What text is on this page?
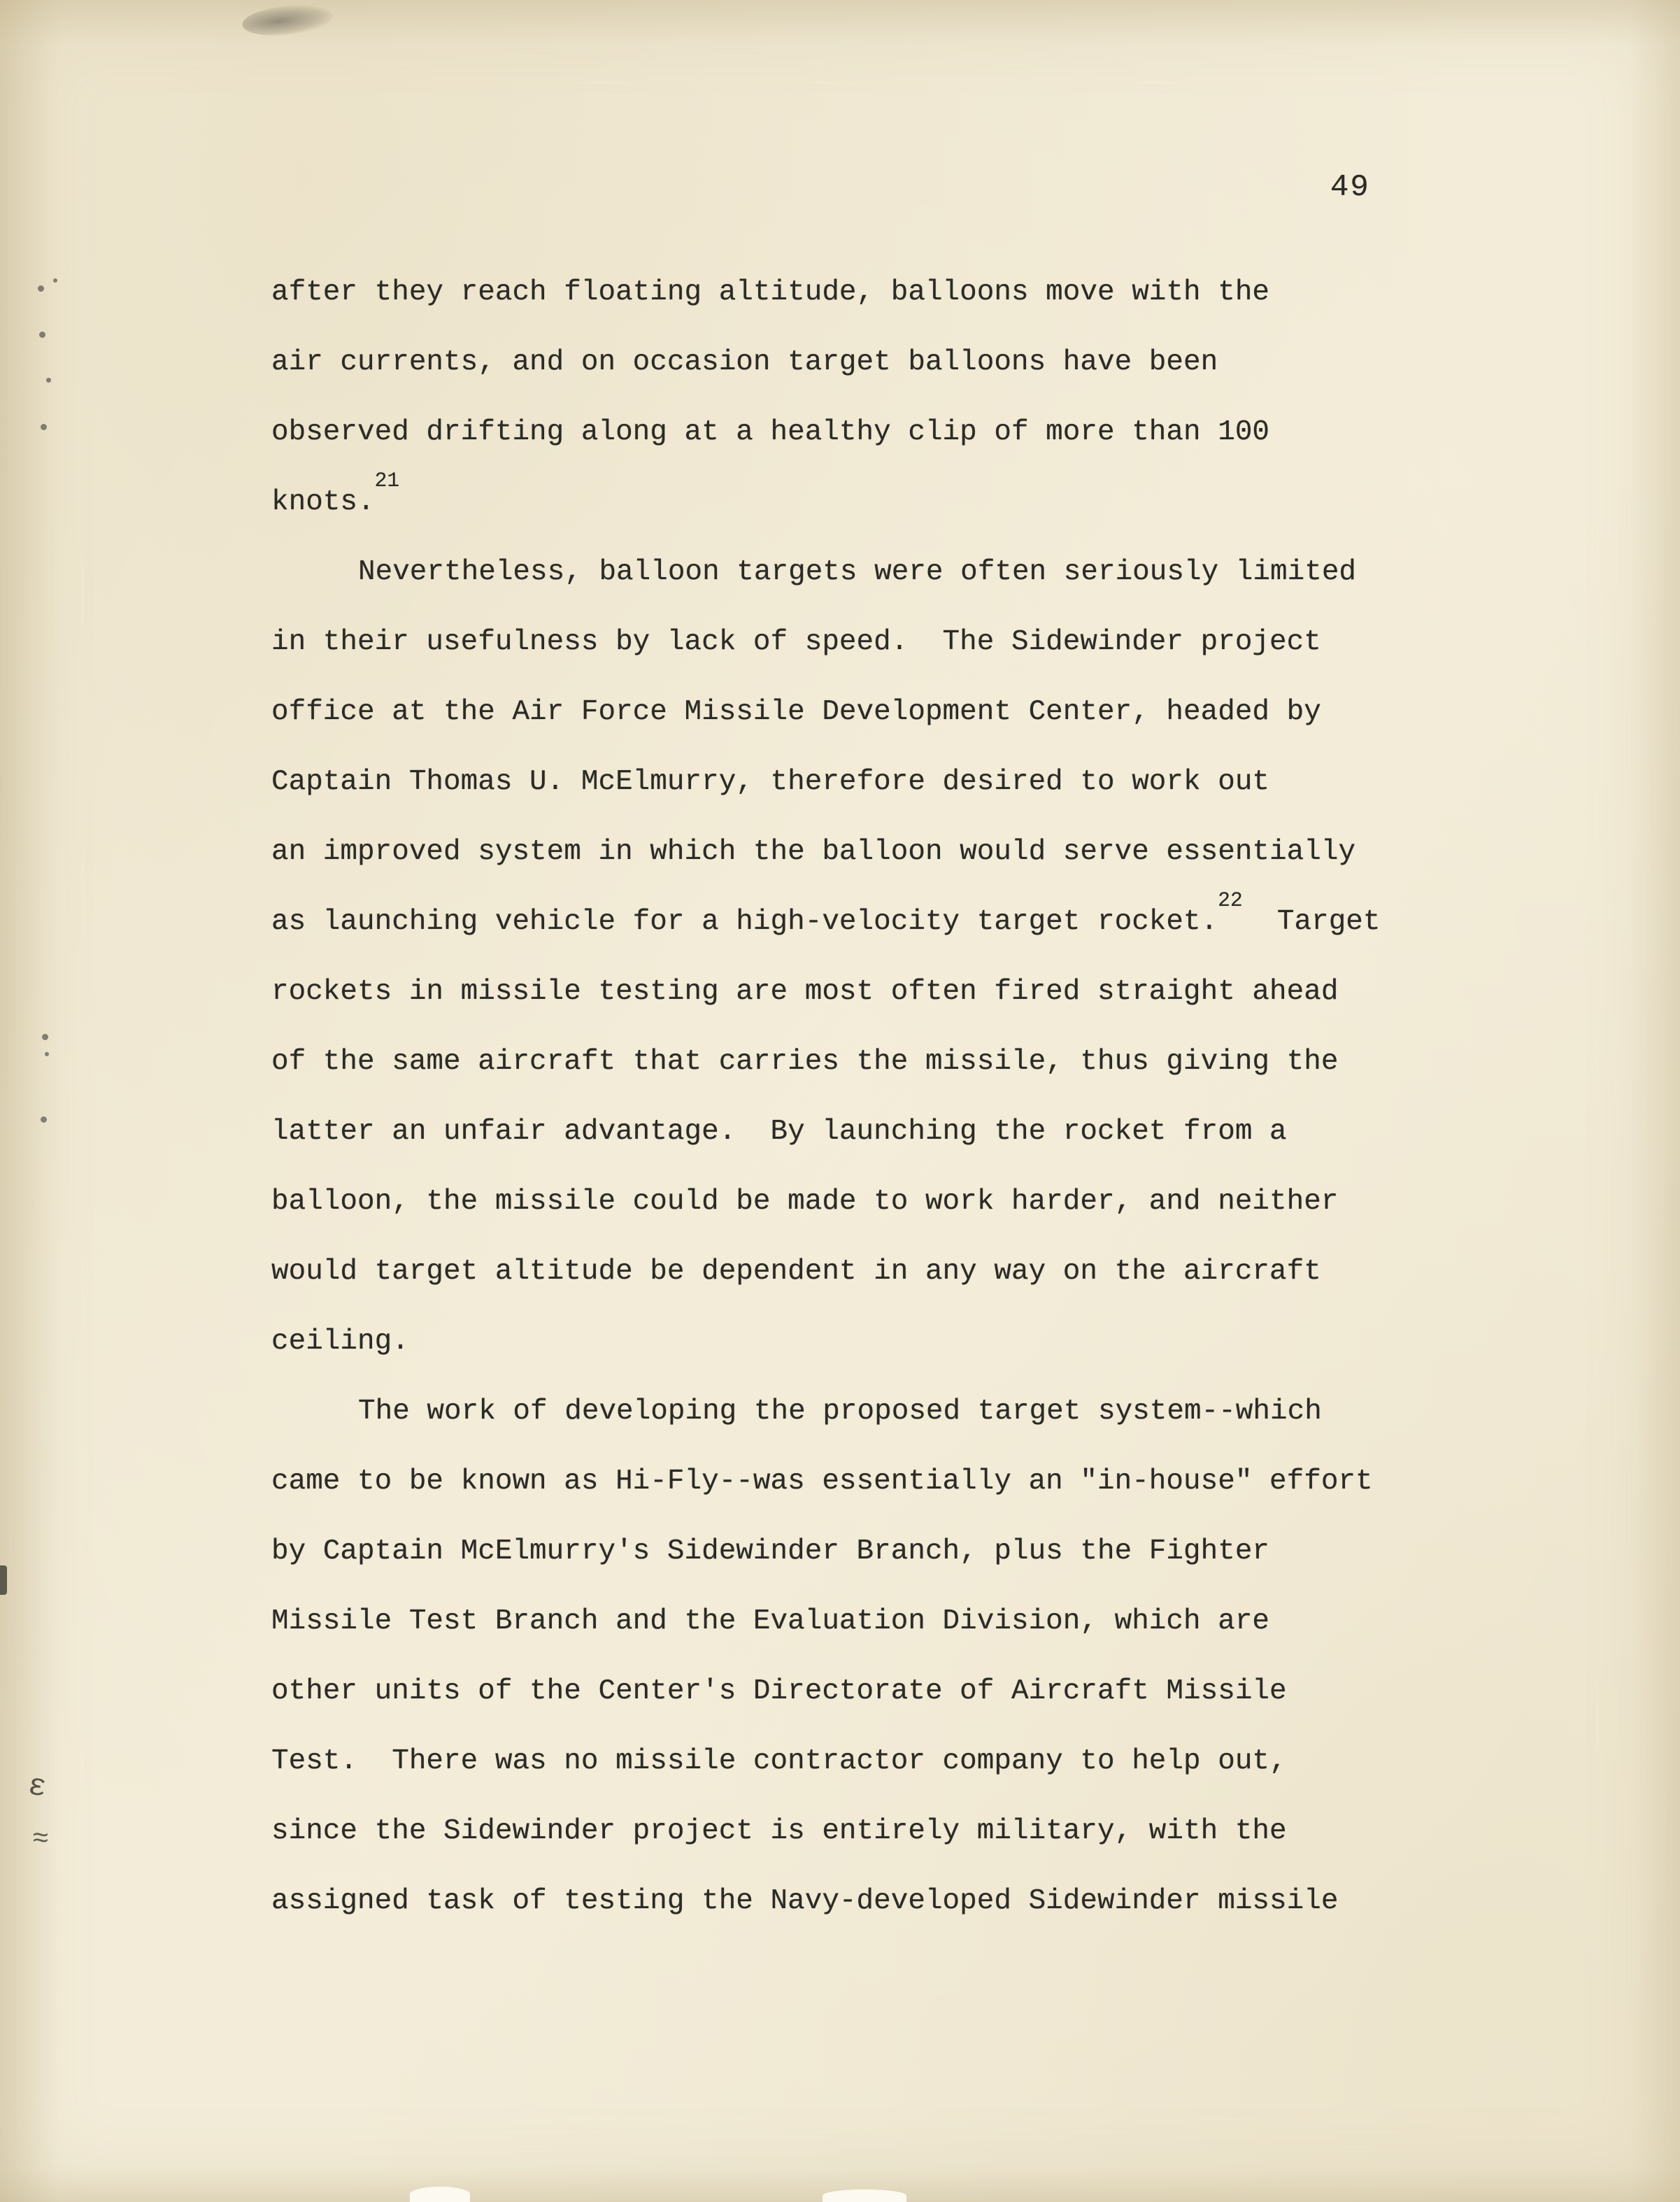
ɛ
≈
49
after they reach floating altitude, balloons move with the
air currents, and on occasion target balloons have been
observed drifting along at a healthy clip of more than 100
knots.$^{21}$
Nevertheless, balloon targets were often seriously limited
in their usefulness by lack of speed.  The Sidewinder project
office at the Air Force Missile Development Center, headed by
Captain Thomas U. McElmurry, therefore desired to work out
an improved system in which the balloon would serve essentially
as launching vehicle for a high-velocity target rocket.$^{22}$  Target
rockets in missile testing are most often fired straight ahead
of the same aircraft that carries the missile, thus giving the
latter an unfair advantage.  By launching the rocket from a
balloon, the missile could be made to work harder, and neither
would target altitude be dependent in any way on the aircraft
ceiling.
The work of developing the proposed target system--which
came to be known as Hi-Fly--was essentially an "in-house" effort
by Captain McElmurry's Sidewinder Branch, plus the Fighter
Missile Test Branch and the Evaluation Division, which are
other units of the Center's Directorate of Aircraft Missile
Test.  There was no missile contractor company to help out,
since the Sidewinder project is entirely military, with the
assigned task of testing the Navy-developed Sidewinder missile
